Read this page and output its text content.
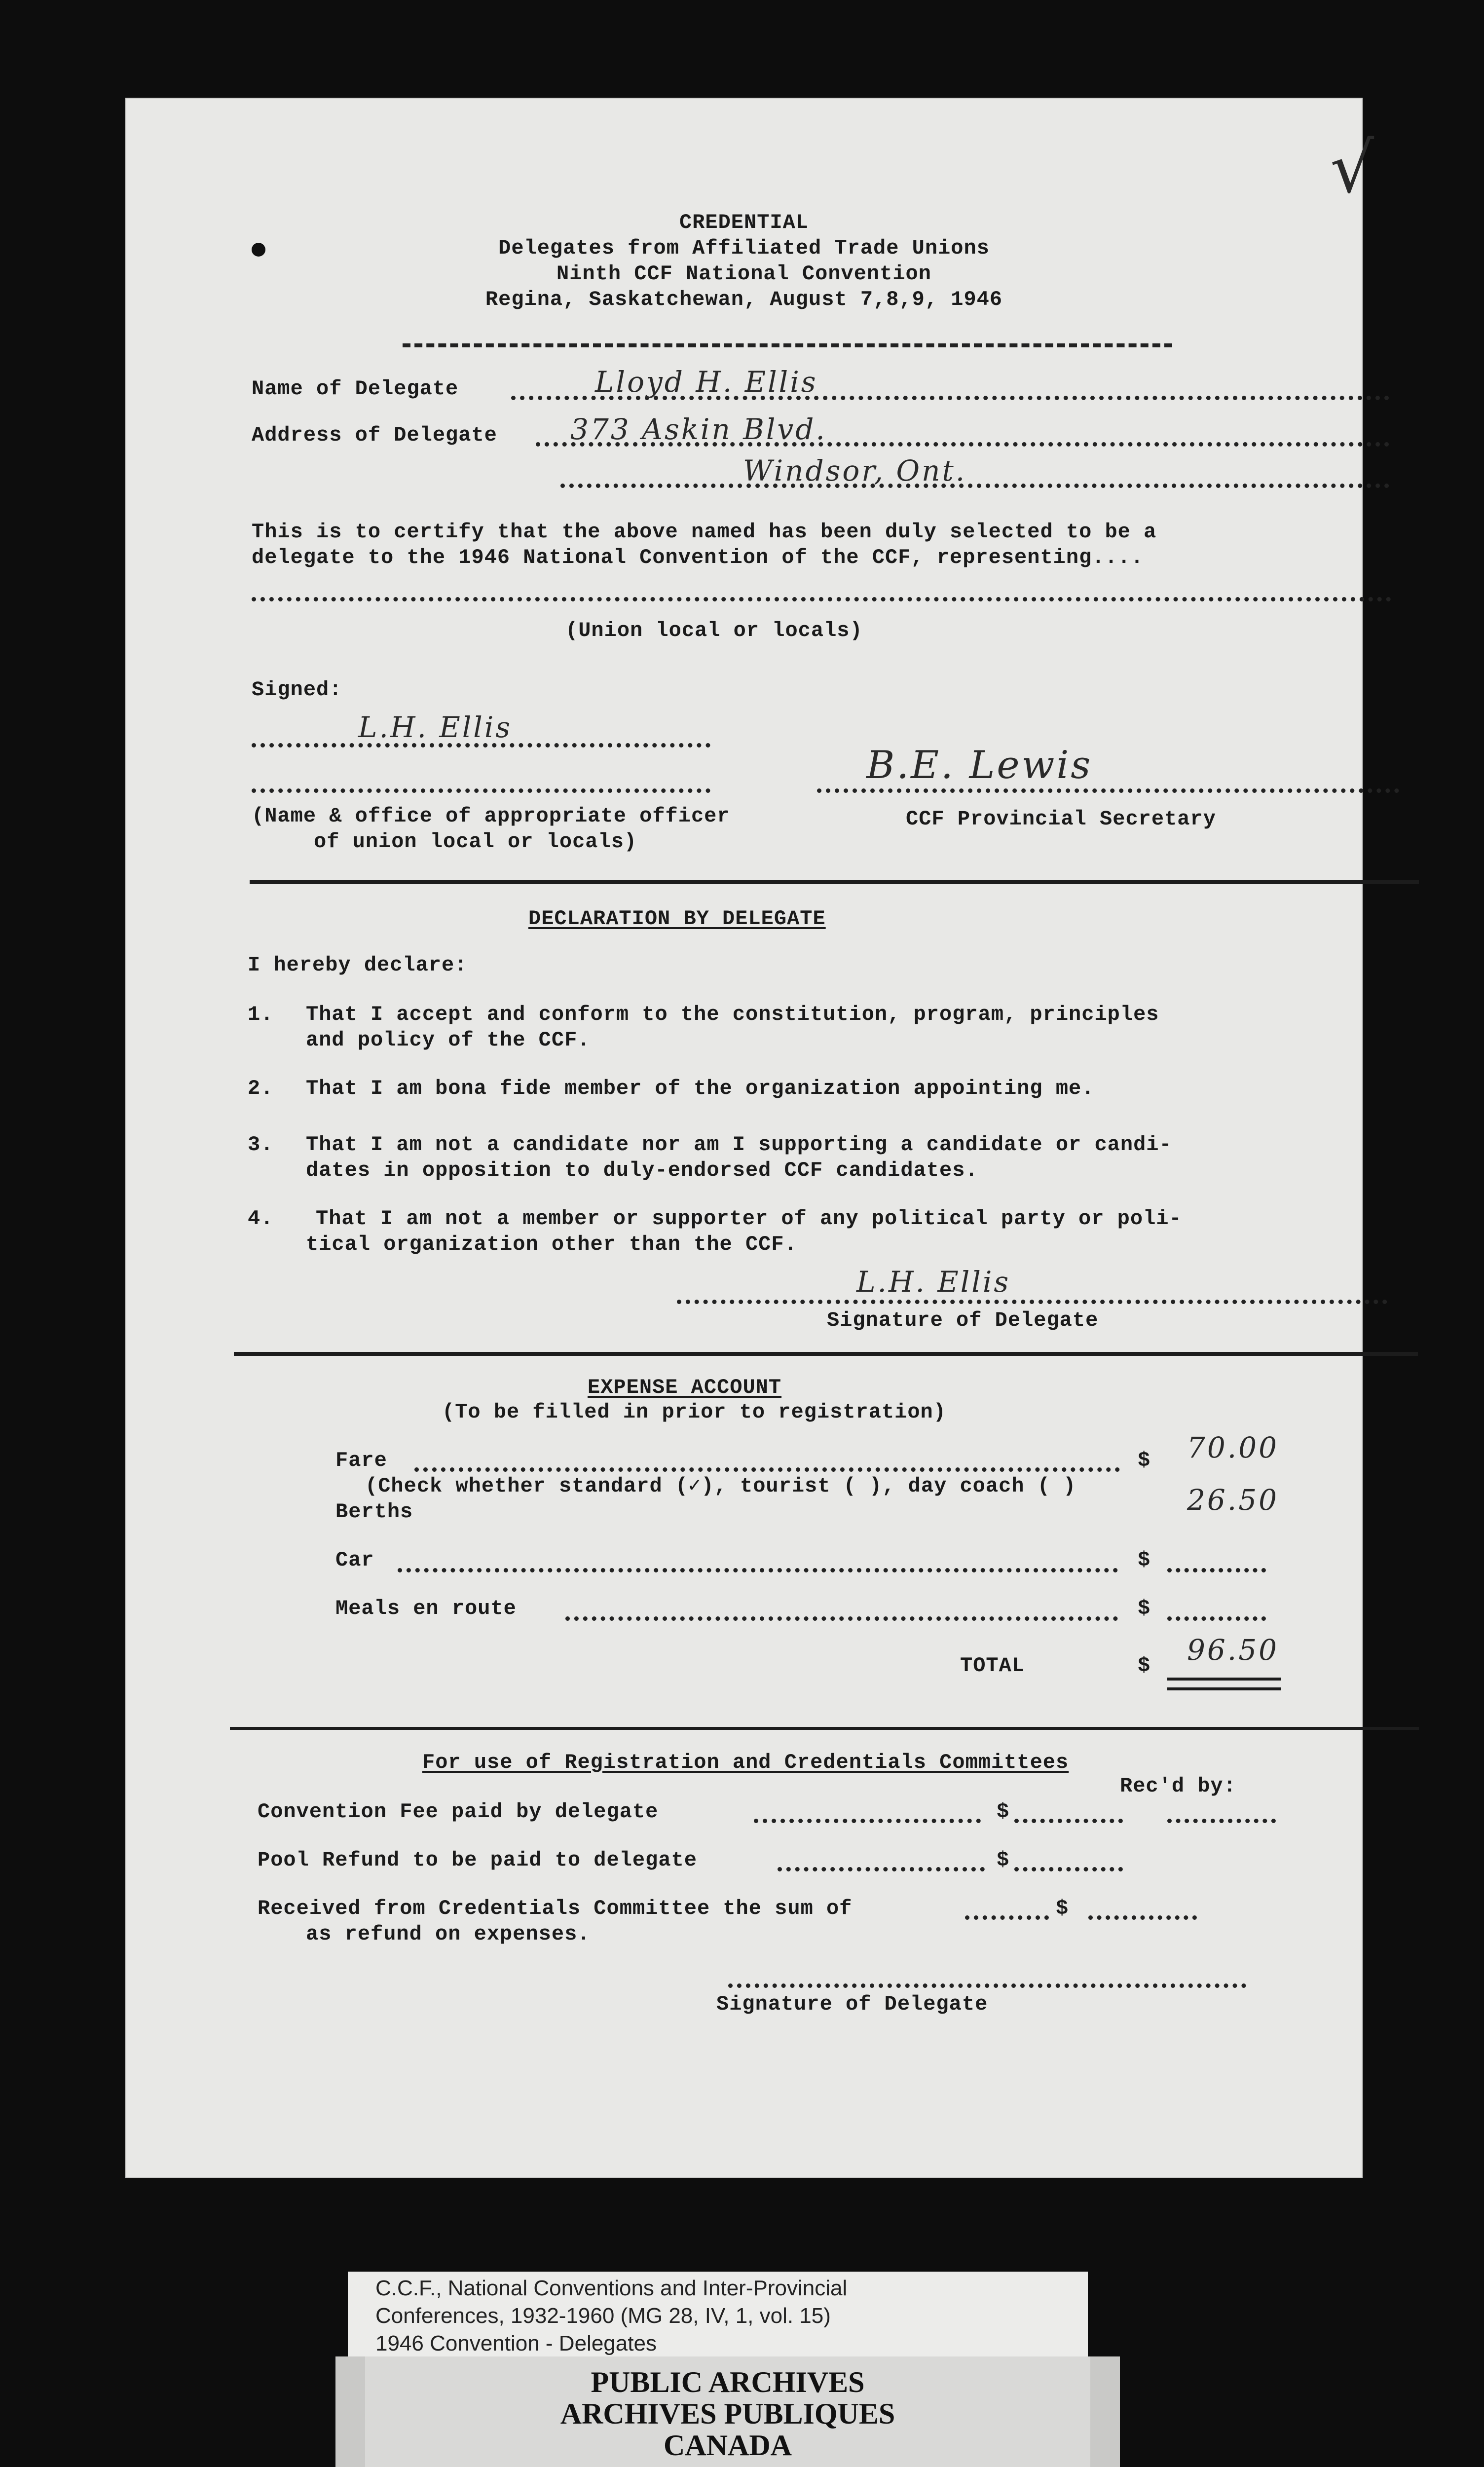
√
CREDENTIAL
Delegates from Affiliated Trade Unions
Ninth CCF National Convention
Regina, Saskatchewan, August 7,8,9, 1946
Name of Delegate	Lloyd H. Ellis
Address of Delegate	373 Askin Blvd.
Windsor, Ont.
This is to certify that the above named has been duly selected to be a
delegate to the 1946 National Convention of the CCF, representing....
(Union local or locals)
Signed:
L.H. Ellis
(Name & office of appropriate officer
of union local or locals)
B.E. Lewis
CCF Provincial Secretary
DECLARATION BY DELEGATE
I hereby declare:
1. That I accept and conform to the constitution, program, principles
and policy of the CCF.
2. That I am bona fide member of the organization appointing me.
3. That I am not a candidate nor am I supporting a candidate or candi-
dates in opposition to duly-endorsed CCF candidates.
4. That I am not a member or supporter of any political party or poli-
tical organization other than the CCF.
L.H. Ellis
Signature of Delegate
EXPENSE ACCOUNT
(To be filled in prior to registration)
Fare	$ 70.00
(Check whether standard (✓), tourist ( ), day coach ( )
Berths	26.50
Car	$
Meals en route	$
TOTAL	$ 96.50
For use of Registration and Credentials Committees
Rec'd by:
Convention Fee paid by delegate	$
Pool Refund to be paid to delegate	$
Received from Credentials Committee the sum of	$
as refund on expenses.
Signature of Delegate
C.C.F., National Conventions and Inter-Provincial
Conferences, 1932-1960 (MG 28, IV, 1, vol. 15)
1946 Convention - Delegates
PUBLIC ARCHIVES
ARCHIVES PUBLIQUES
CANADA
